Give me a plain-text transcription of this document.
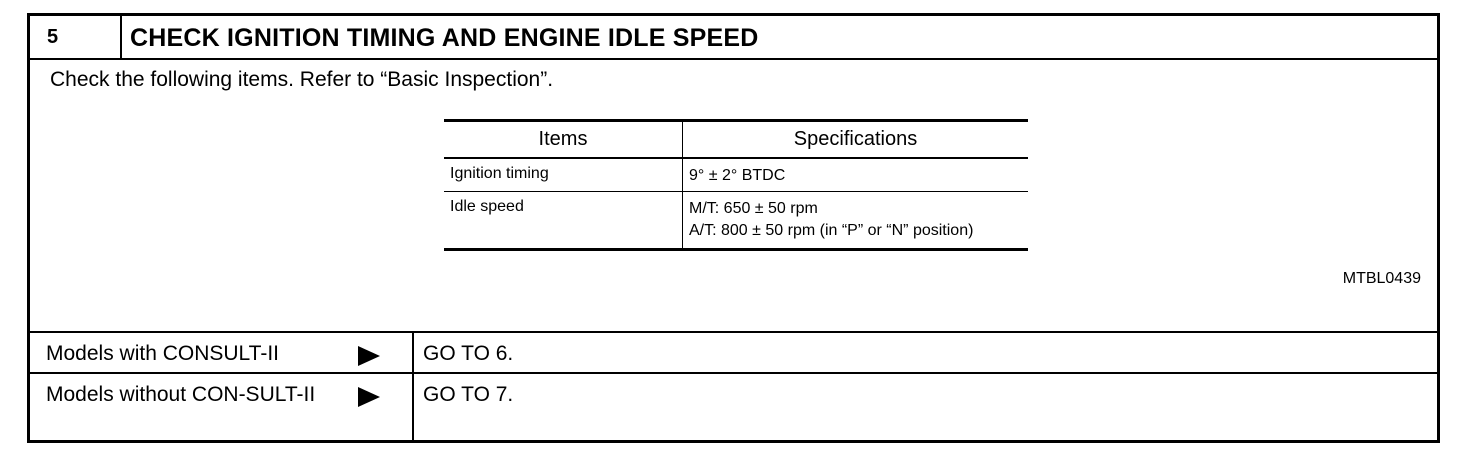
5	CHECK IGNITION TIMING AND ENGINE IDLE SPEED
Check the following items. Refer to “Basic Inspection”.
Items	Specifications
Ignition timing	9° ± 2° BTDC

Idle speed	M/T: 650 ± 50 rpm
A/T: 800 ± 50 rpm (in “P” or “N” position)
MTBL0439
Models with CONSULT-II	GO TO 6.
Models without CON-SULT-II	GO TO 7.
